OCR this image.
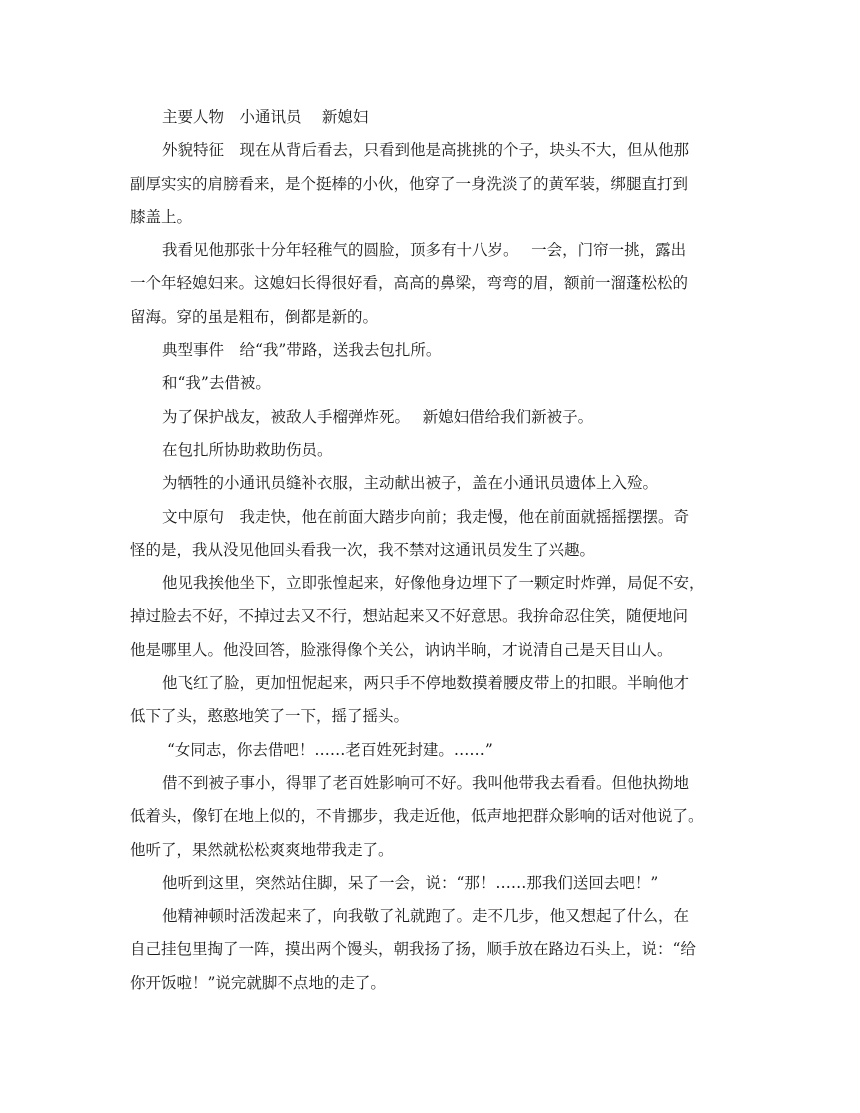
主要人物　小通讯员　 新媳妇
外貌特征　现在从背后看去，只看到他是高挑挑的个子，块头不大，但从他那
副厚实实的肩膀看来，是个挺棒的小伙，他穿了一身洗淡了的黄军装，绑腿直打到
膝盖上。
我看见他那张十分年轻稚气的圆脸，顶多有十八岁。　 一会，门帘一挑，露出
一个年轻媳妇来。这媳妇长得很好看，高高的鼻梁，弯弯的眉，额前一溜蓬松松的
留海。穿的虽是粗布，倒都是新的。
典型事件　给“我”带路，送我去包扎所。
和“我”去借被。
为了保护战友，被敌人手榴弹炸死。　 新媳妇借给我们新被子。
在包扎所协助救助伤员。
为牺牲的小通讯员缝补衣服，主动献出被子，盖在小通讯员遗体上入殓。
文中原句　我走快，他在前面大踏步向前；我走慢，他在前面就摇摇摆摆。奇
怪的是，我从没见他回头看我一次，我不禁对这通讯员发生了兴趣。
他见我挨他坐下，立即张惶起来，好像他身边埋下了一颗定时炸弹，局促不安，
掉过脸去不好，不掉过去又不行，想站起来又不好意思。我拚命忍住笑，随便地问
他是哪里人。他没回答，脸涨得像个关公，讷讷半晌，才说清自己是天目山人。
他飞红了脸，更加忸怩起来，两只手不停地数摸着腰皮带上的扣眼。半晌他才
低下了头，憨憨地笑了一下，摇了摇头。
“女同志，你去借吧！……老百姓死封建。……”
借不到被子事小，得罪了老百姓影响可不好。我叫他带我去看看。但他执拗地
低着头，像钉在地上似的，不肯挪步，我走近他，低声地把群众影响的话对他说了。
他听了，果然就松松爽爽地带我走了。
他听到这里，突然站住脚，呆了一会，说：“那！……那我们送回去吧！”
他精神顿时活泼起来了，向我敬了礼就跑了。走不几步，他又想起了什么，在
自己挂包里掏了一阵，摸出两个馒头，朝我扬了扬，顺手放在路边石头上，说：“给
你开饭啦！”说完就脚不点地的走了。
